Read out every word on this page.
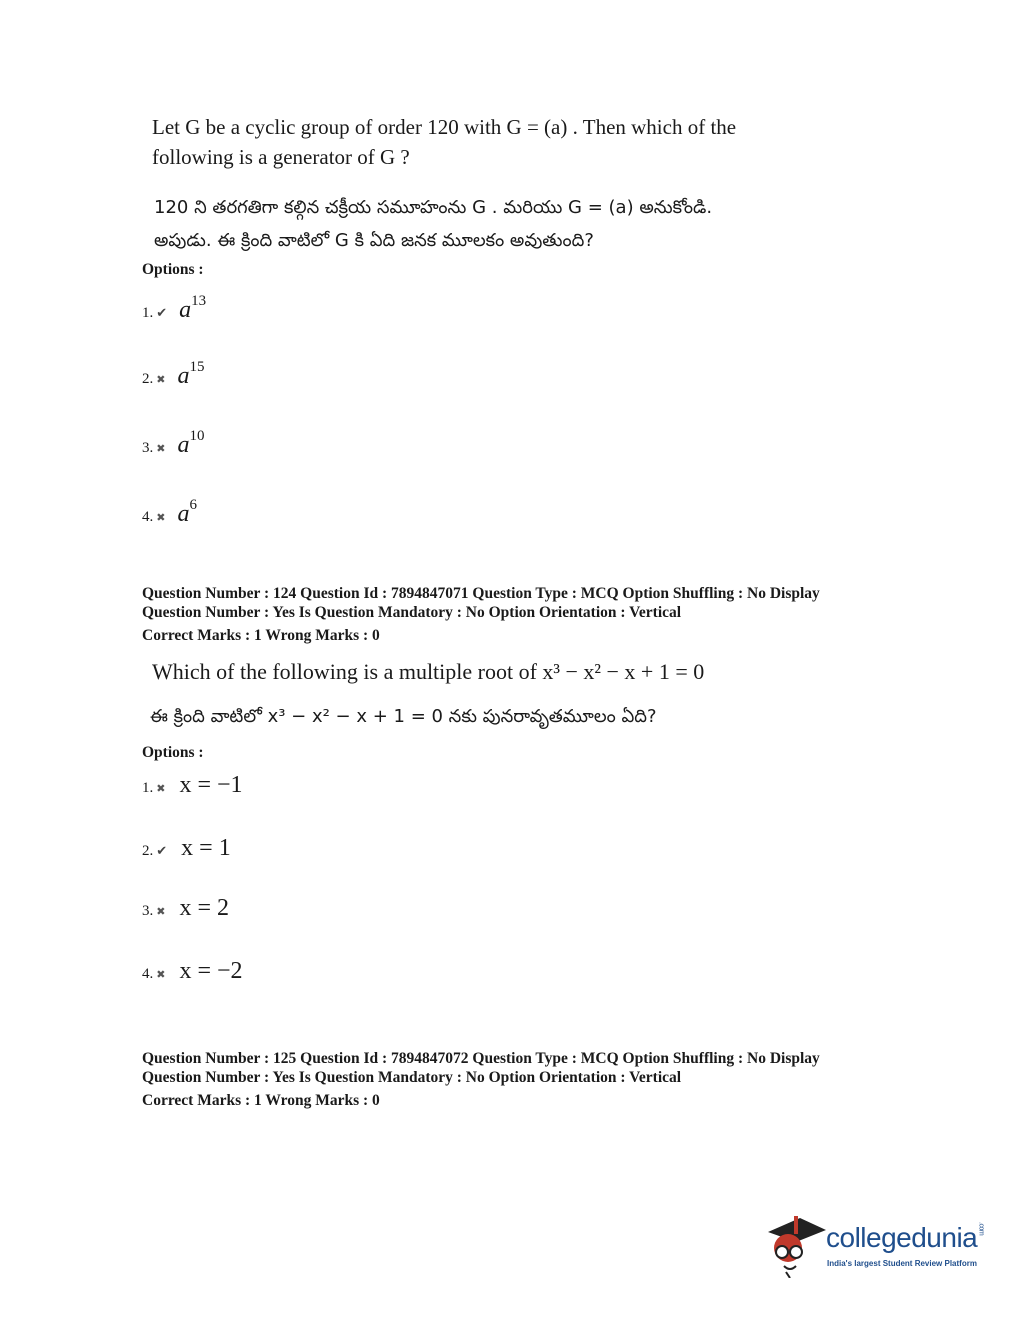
Let G be a cyclic group of order 120 with G = (a) . Then which of the
following is a generator of G ?
120 ని తరగతిగా కల్గిన చక్రీయ సమూహంను G . మరియు G = (a) అనుకోండి.
అపుడు. ఈ క్రింది వాటిలో G కి ఏది జనక మూలకం అవుతుంది?
Options :
1. ✔ a13
2. ✖ a15
3. ✖ a10
4. ✖ a6
Question Number : 124 Question Id : 7894847071 Question Type : MCQ Option Shuffling : No Display
Question Number : Yes Is Question Mandatory : No Option Orientation : Vertical
Correct Marks : 1 Wrong Marks : 0
Which of the following is a multiple root of x³ − x² − x + 1 = 0
ఈ క్రింది వాటిలో x³ − x² − x + 1 = 0 నకు పునరావృతమూలం ఏది?
Options :
1. ✖ x = −1
2. ✔ x = 1
3. ✖ x = 2
4. ✖ x = −2
Question Number : 125 Question Id : 7894847072 Question Type : MCQ Option Shuffling : No Display
Question Number : Yes Is Question Mandatory : No Option Orientation : Vertical
Correct Marks : 1 Wrong Marks : 0
collegedunia.com
India's largest Student Review Platform
